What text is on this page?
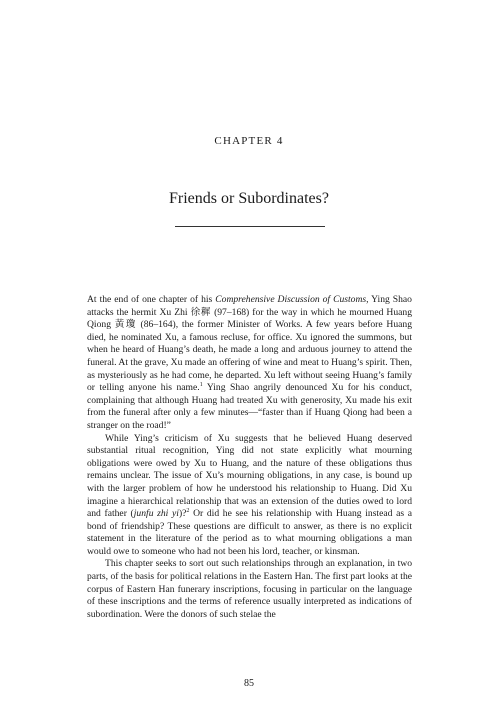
CHAPTER 4
Friends or Subordinates?

At the end of one chapter of his Comprehensive Discussion of Customs, Ying Shao attacks the hermit Xu Zhi 徐穉 (97–168) for the way in which he mourned Huang Qiong 黃瓊 (86–164), the former Minister of Works. A few years before Huang died, he nominated Xu, a famous recluse, for office. Xu ignored the summons, but when he heard of Huang’s death, he made a long and arduous journey to attend the funeral. At the grave, Xu made an offering of wine and meat to Huang’s spirit. Then, as mysteriously as he had come, he departed. Xu left without seeing Huang’s family or telling anyone his name.$^1$ Ying Shao angrily denounced Xu for his conduct, complaining that although Huang had treated Xu with generosity, Xu made his exit from the funeral after only a few minutes—“faster than if Huang Qiong had been a stranger on the road!”

While Ying’s criticism of Xu suggests that he believed Huang deserved substantial ritual recognition, Ying did not state explicitly what mourning obligations were owed by Xu to Huang, and the nature of these obligations thus remains unclear. The issue of Xu’s mourning obligations, in any case, is bound up with the larger problem of how he understood his relationship to Huang. Did Xu imagine a hierarchical relationship that was an extension of the duties owed to lord and father (junfu zhi yi)?$^2$ Or did he see his relationship with Huang instead as a bond of friendship? These questions are difficult to answer, as there is no explicit statement in the literature of the period as to what mourning obligations a man would owe to someone who had not been his lord, teacher, or kinsman.

This chapter seeks to sort out such relationships through an explanation, in two parts, of the basis for political relations in the Eastern Han. The first part looks at the corpus of Eastern Han funerary inscriptions, focusing in particular on the language of these inscriptions and the terms of reference usually interpreted as indications of subordination. Were the donors of such stelae the

85
